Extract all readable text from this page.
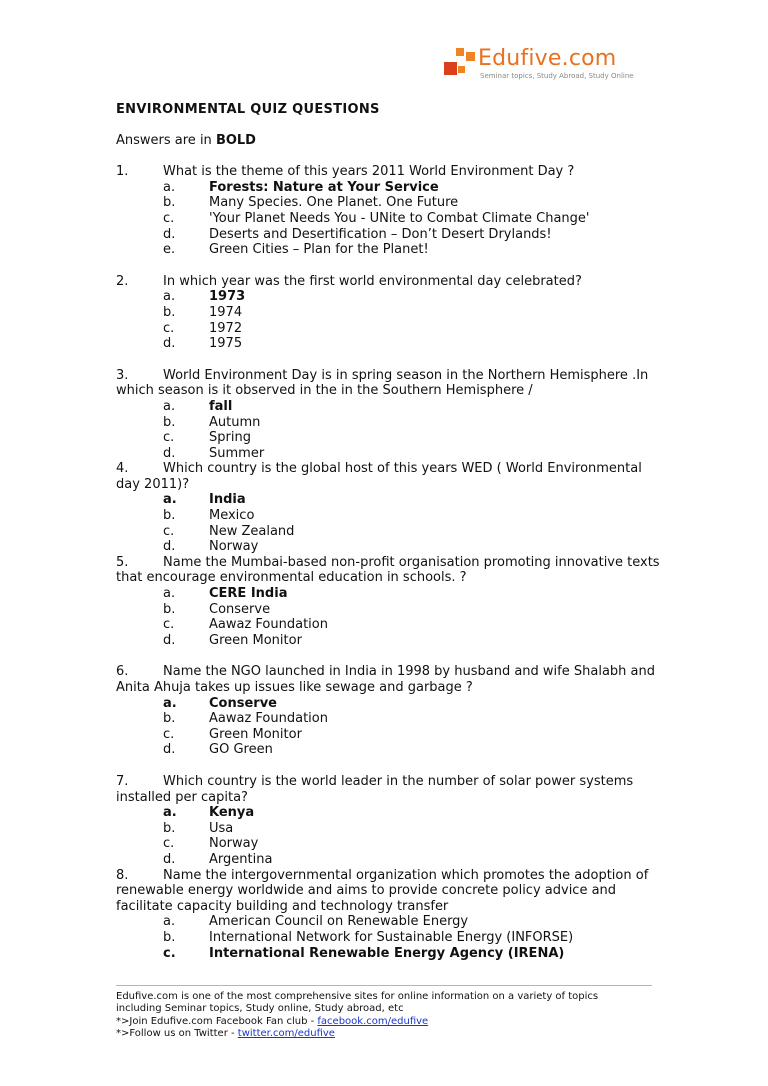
Edufive.com
Seminar topics, Study Abroad, Study Online
ENVIRONMENTAL QUIZ QUESTIONS
Answers are in BOLD
1.	What is the theme of this years 2011 World Environment Day ?
a.	Forests: Nature at Your Service
b.	Many Species. One Planet. One Future
c.	'Your Planet Needs You - UNite to Combat Climate Change'
d.	Deserts and Desertification – Don’t Desert Drylands!
e.	Green Cities – Plan for the Planet!
2.	In which year was the first world environmental day celebrated?
a.	1973
b.	1974
c.	1972
d.	1975
3.	World Environment Day is in spring season in the Northern Hemisphere .In which season is it observed in the in the Southern Hemisphere /
a.	fall
b.	Autumn
c.	Spring
d.	Summer
4.	Which country is the global host of this years WED ( World Environmental day 2011)?
a.	India
b.	Mexico
c.	New Zealand
d.	Norway
5.	Name the Mumbai-based non-profit organisation promoting innovative texts that encourage environmental education in schools. ?
a.	CERE India
b.	Conserve
c.	Aawaz Foundation
d.	Green Monitor
6.	Name the NGO launched in India in 1998 by husband and wife Shalabh and Anita Ahuja takes up issues like sewage and garbage ?
a.	Conserve
b.	Aawaz Foundation
c.	Green Monitor
d.	GO Green
7.	Which country is the world leader in the number of solar power systems installed per capita?
a.	Kenya
b.	Usa
c.	Norway
d.	Argentina
8.	Name the intergovernmental organization which promotes the adoption of renewable energy worldwide and aims to provide concrete policy advice and facilitate capacity building and technology transfer
a.	American Council on Renewable Energy
b.	International Network for Sustainable Energy (INFORSE)
c.	International Renewable Energy Agency (IRENA)
Edufive.com is one of the most comprehensive sites for online information on a variety of topics
including Seminar topics, Study online, Study abroad, etc
*>Join Edufive.com Facebook Fan club - facebook.com/edufive
*>Follow us on Twitter - twitter.com/edufive
